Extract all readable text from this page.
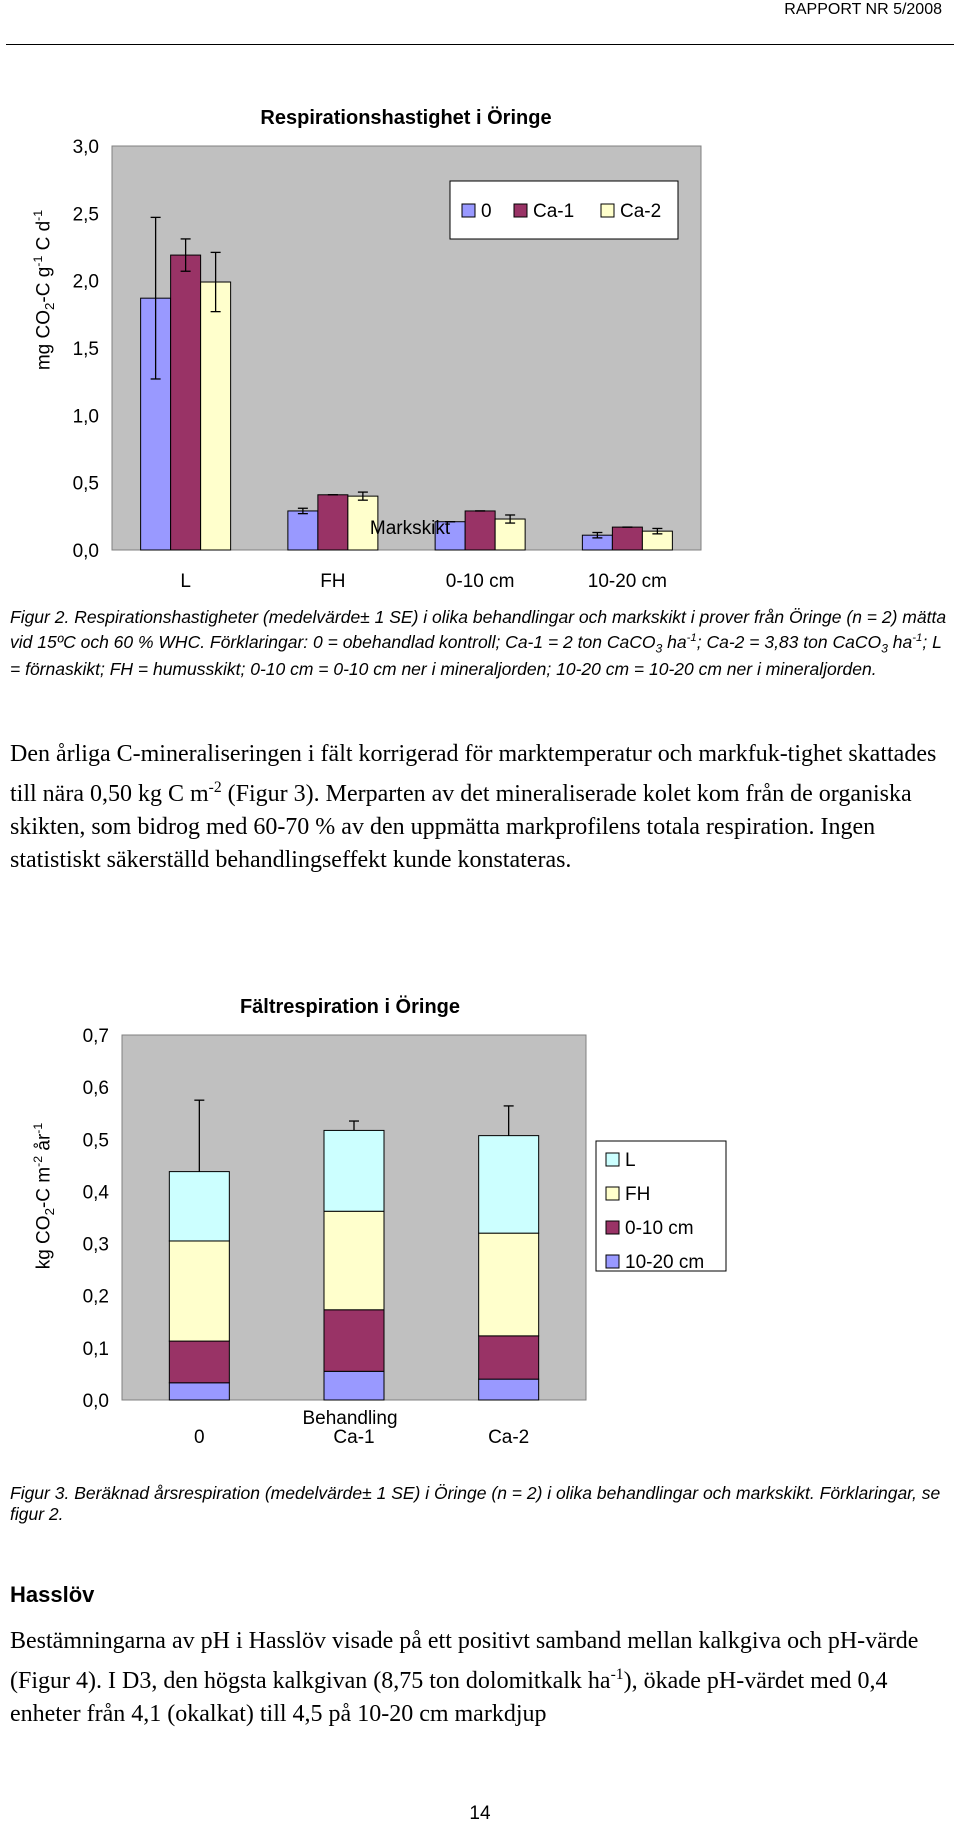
RAPPORT NR 5/2008
Respirationshastighet i Öringe
0,0
0,5
1,0
1,5
2,0
2,5
3,0
L	FH	0-10 cm	10-20 cm
0 Ca-1 Ca-2
mg $CO_2-C$ $g^{-1}$ C $d^{-1}$
Markskikt
Figur 2. Respirationshastigheter (medelvärde± 1 SE) i olika behandlingar och markskikt i prover från Öringe (n = 2) mätta vid 15ºC och 60 % WHC. Förklaringar: 0 = obehandlad kontroll; Ca-1 = 2 ton CaCO$_3$ $ha^{-1}$; Ca-2 = 3,83 ton CaCO$_3$ $ha^{-1}$; L = förnaskikt; FH = humusskikt; 0-10 cm = 0-10 cm ner i mineraljorden; 10-20 cm = 10-20 cm ner i mineraljorden.
Den årliga C-mineraliseringen i fält korrigerad för marktemperatur och markfuk-tighet skattades till nära 0,50 kg C $m^{-2}$ (Figur 3). Merparten av det mineraliserade kolet kom från de organiska skikten, som bidrog med 60-70 % av den uppmätta markprofilens totala respiration. Ingen statistiskt säkerställd behandlingseffekt kunde konstateras.
Fältrespiration i Öringe
0,0
0,1
0,2
0,3
0,4
0,5
0,6
0,7
0	Ca-1	Ca-2
L
FH
0-10 cm
10-20 cm
kg $CO_2-C$ $m^{-2}$ $år^{-1}$
Behandling
Figur 3. Beräknad årsrespiration (medelvärde± 1 SE) i Öringe (n = 2) i olika behandlingar och markskikt. Förklaringar, se figur 2.
Hasslöv
Bestämningarna av pH i Hasslöv visade på ett positivt samband mellan kalkgiva och pH-värde (Figur 4). I D3, den högsta kalkgivan (8,75 ton dolomitkalk $ha^{-1}$), ökade pH-värdet med 0,4 enheter från 4,1 (okalkat) till 4,5 på 10-20 cm markdjup
14
